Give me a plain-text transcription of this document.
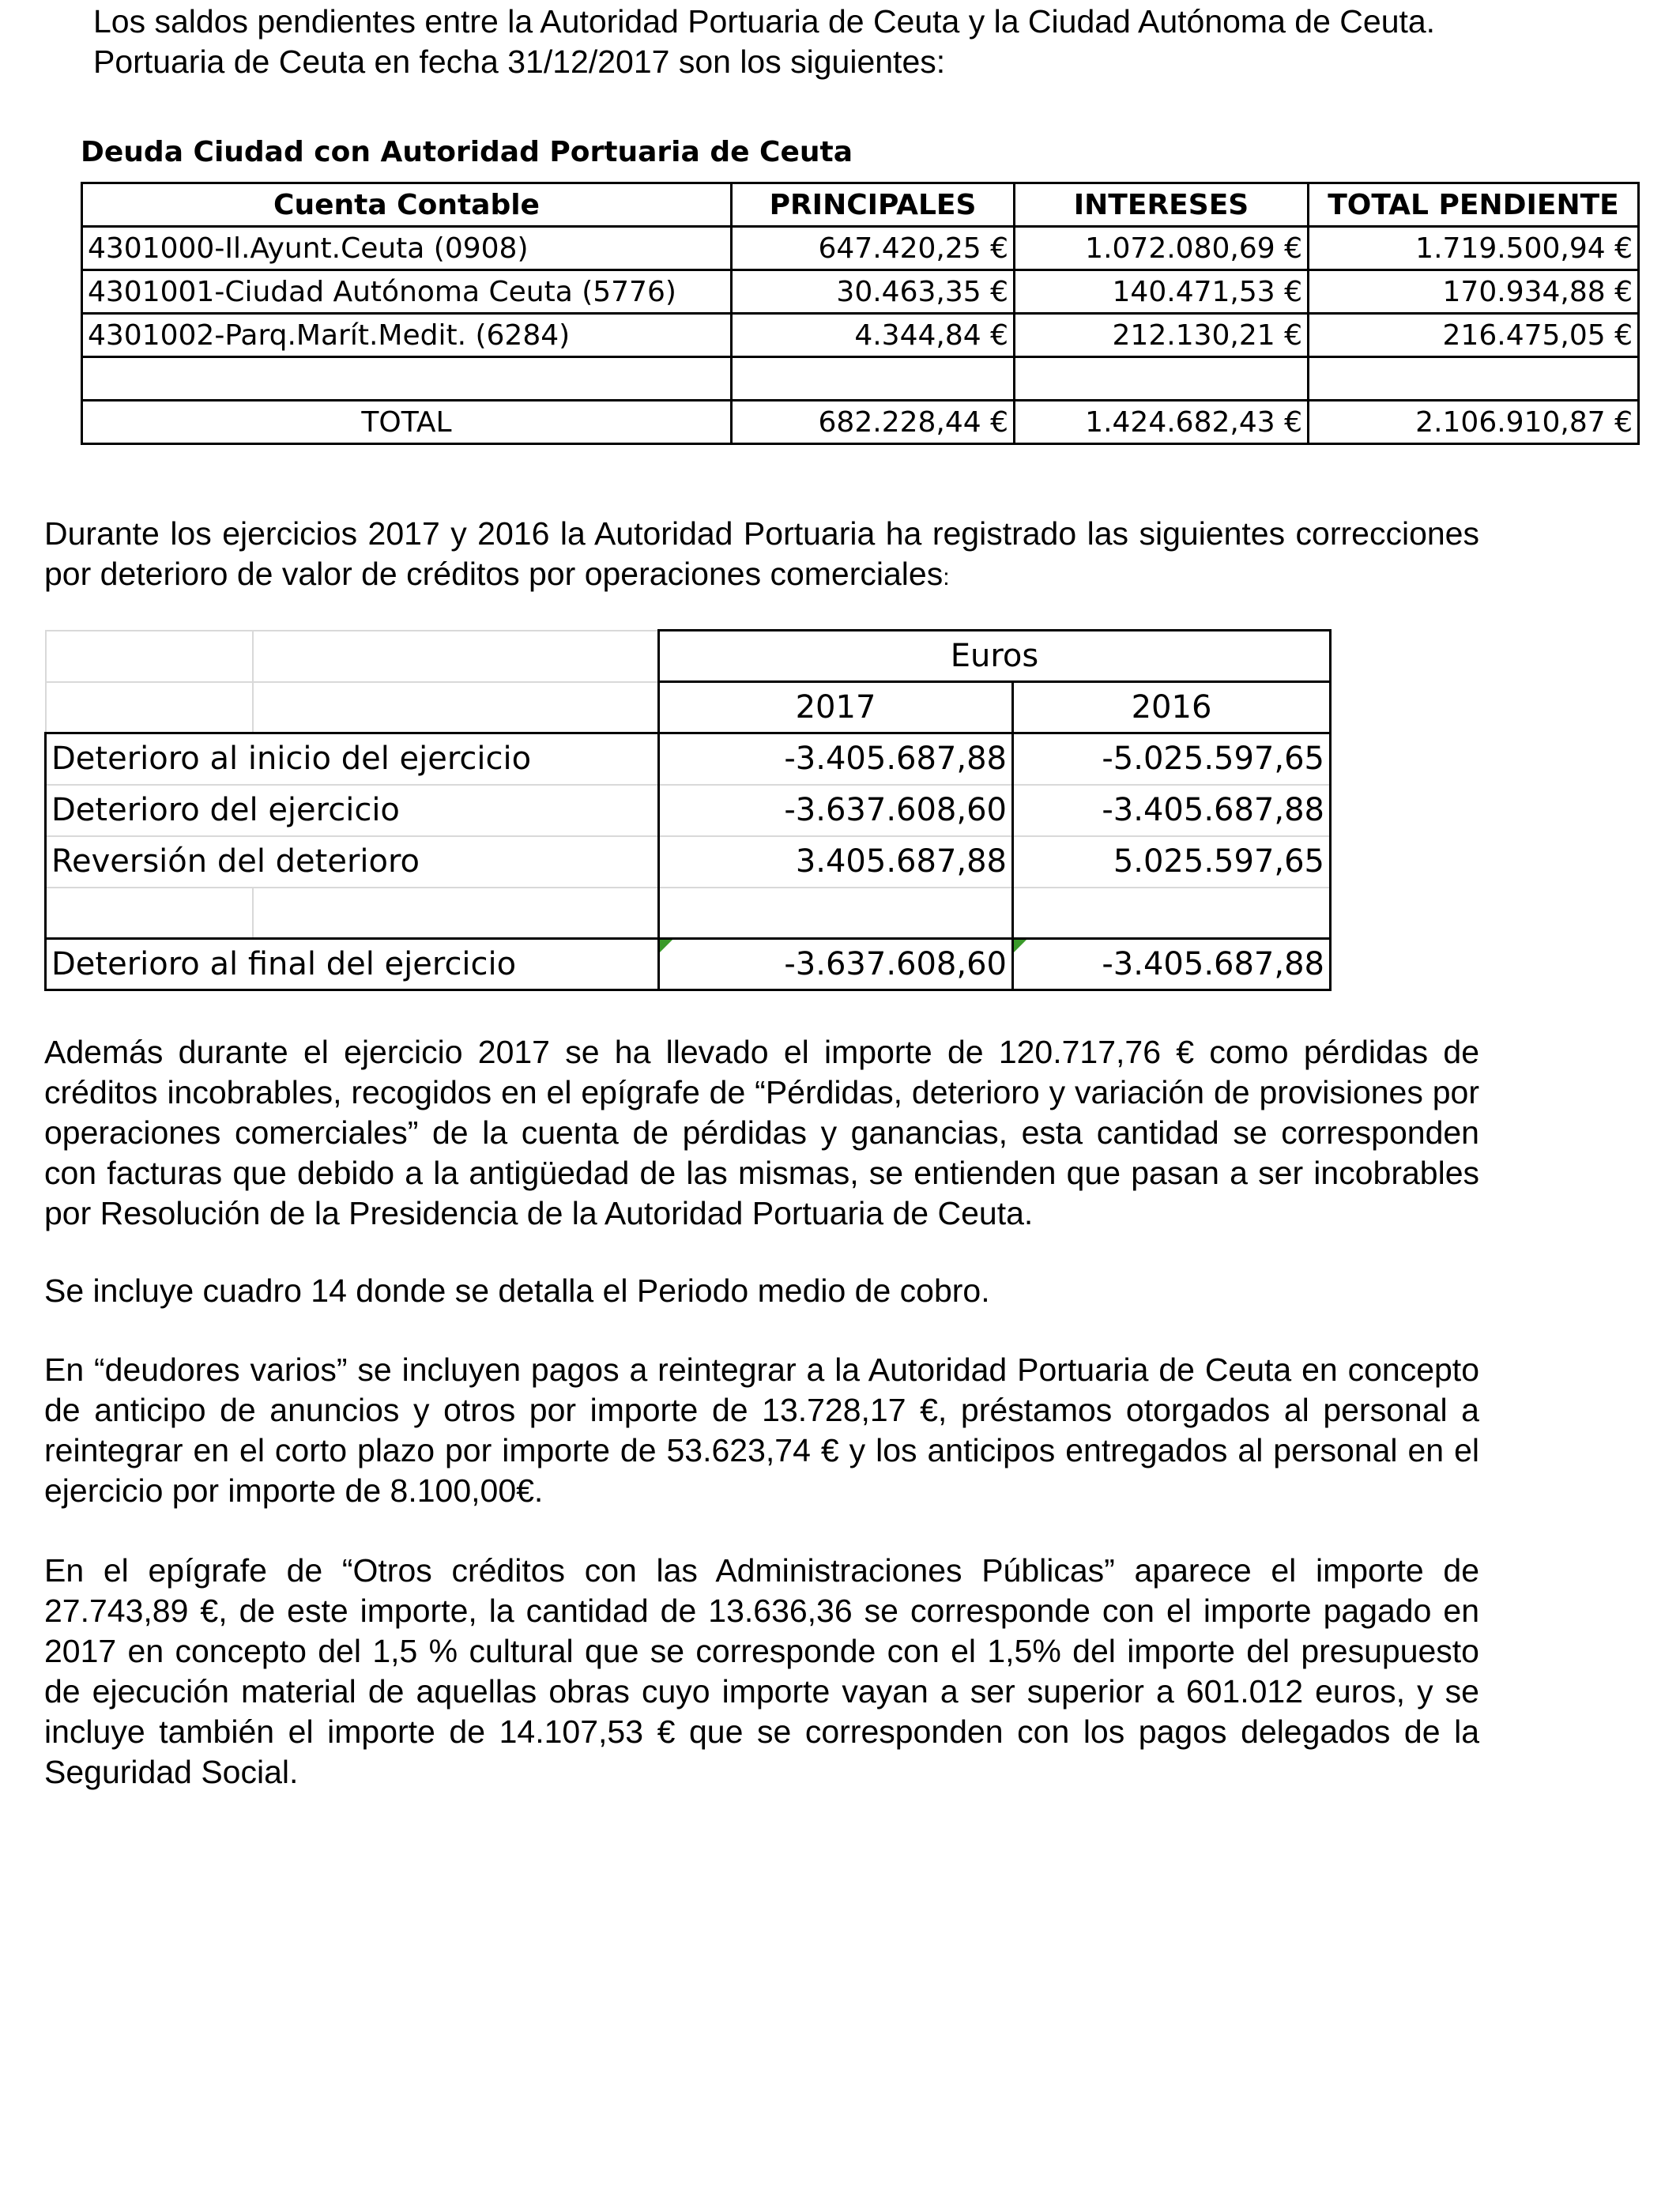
Los saldos pendientes entre la Autoridad Portuaria de Ceuta y la Ciudad Autónoma de Ceuta.
Portuaria de Ceuta en fecha 31/12/2017 son los siguientes:
Deuda Ciudad con Autoridad Portuaria de Ceuta
Cuenta Contable	PRINCIPALES	INTERESES	TOTAL PENDIENTE
4301000-Il.Ayunt.Ceuta (0908)	647.420,25 €	1.072.080,69 €	1.719.500,94 €
4301001-Ciudad Autónoma Ceuta (5776)	30.463,35 €	140.471,53 €	170.934,88 €
4301002-Parq.Marít.Medit. (6284)	4.344,84 €	212.130,21 €	216.475,05 €

TOTAL	682.228,44 €	1.424.682,43 €	2.106.910,87 €

Durante los ejercicios 2017 y 2016 la Autoridad Portuaria ha registrado las siguientes correcciones por deterioro de valor de créditos por operaciones comerciales:

		Euros	
		2017	2016
Deterioro al inicio del ejercicio		-3.405.687,88	-5.025.597,65
Deterioro del ejercicio		-3.637.608,60	-3.405.687,88
Reversión del deterioro		3.405.687,88	5.025.597,65

Deterioro al final del ejercicio		-3.637.608,60	-3.405.687,88

Además durante el ejercicio 2017 se ha llevado el importe de 120.717,76 € como pérdidas de créditos incobrables, recogidos en el epígrafe de “Pérdidas, deterioro y variación de provisiones por operaciones comerciales” de la cuenta de pérdidas y ganancias, esta cantidad se corresponden con facturas que debido a la antigüedad de las mismas, se entienden que pasan a ser incobrables por Resolución de la Presidencia de la Autoridad Portuaria de Ceuta.

Se incluye cuadro 14 donde se detalla el Periodo medio de cobro.

En “deudores varios” se incluyen pagos a reintegrar a la Autoridad Portuaria de Ceuta en concepto de anticipo de anuncios y otros por importe de 13.728,17 €, préstamos otorgados al personal a reintegrar en el corto plazo por importe de 53.623,74 € y los anticipos entregados al personal en el ejercicio por importe de 8.100,00€.

En el epígrafe de “Otros créditos con las Administraciones Públicas” aparece el importe de 27.743,89 €, de este importe, la cantidad de 13.636,36 se corresponde con el importe pagado en 2017 en concepto del 1,5 % cultural que se corresponde con el 1,5% del importe del presupuesto de ejecución material de aquellas obras cuyo importe vayan a ser superior a 601.012 euros, y se incluye también el importe de 14.107,53 € que se corresponden con los pagos delegados de la Seguridad Social.
